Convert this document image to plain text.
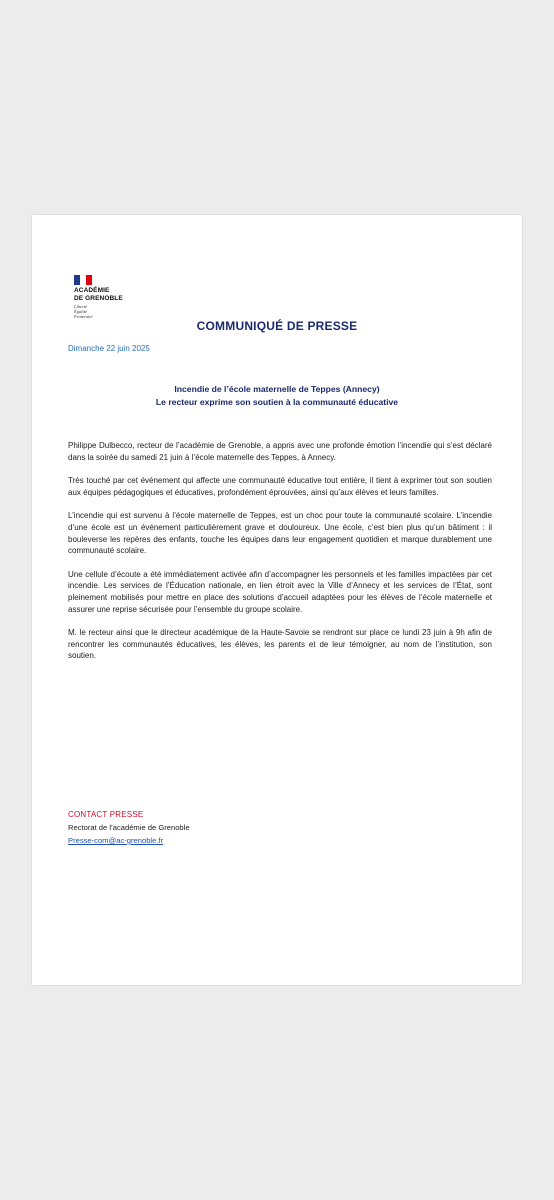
ACADÉMIE
DE GRENOBLE
Liberté
Égalité
Fraternité
COMMUNIQUÉ DE PRESSE
Dimanche 22 juin 2025
Incendie de l’école maternelle de Teppes (Annecy)
Le recteur exprime son soutien à la communauté éducative

Philippe Dulbecco, recteur de l’académie de Grenoble, a appris avec une profonde émotion l’incendie qui s’est déclaré dans la soirée du samedi 21 juin à l’école maternelle des Teppes, à Annecy.

Très touché par cet événement qui affecte une communauté éducative tout entière, il tient à exprimer tout son soutien aux équipes pédagogiques et éducatives, profondément éprouvées, ainsi qu’aux élèves et leurs familles.

L’incendie qui est survenu à l’école maternelle de Teppes, est un choc pour toute la communauté scolaire. L’incendie d’une école est un événement particulièrement grave et douloureux. Une école, c’est bien plus qu’un bâtiment : il bouleverse les repères des enfants, touche les équipes dans leur engagement quotidien et marque durablement une communauté scolaire.

Une cellule d’écoute a été immédiatement activée afin d’accompagner les personnels et les familles impactées par cet incendie. Les services de l’Éducation nationale, en lien étroit avec la Ville d’Annecy et les services de l’État, sont pleinement mobilisés pour mettre en place des solutions d’accueil adaptées pour les élèves de l’école maternelle et assurer une reprise sécurisée pour l’ensemble du groupe scolaire.

M. le recteur ainsi que le directeur académique de la Haute-Savoie se rendront sur place ce lundi 23 juin à 9h afin de rencontrer les communautés éducatives, les élèves, les parents et de leur témoigner, au nom de l’institution, son soutien.

CONTACT PRESSE
Rectorat de l’académie de Grenoble
Presse-com@ac-grenoble.fr
